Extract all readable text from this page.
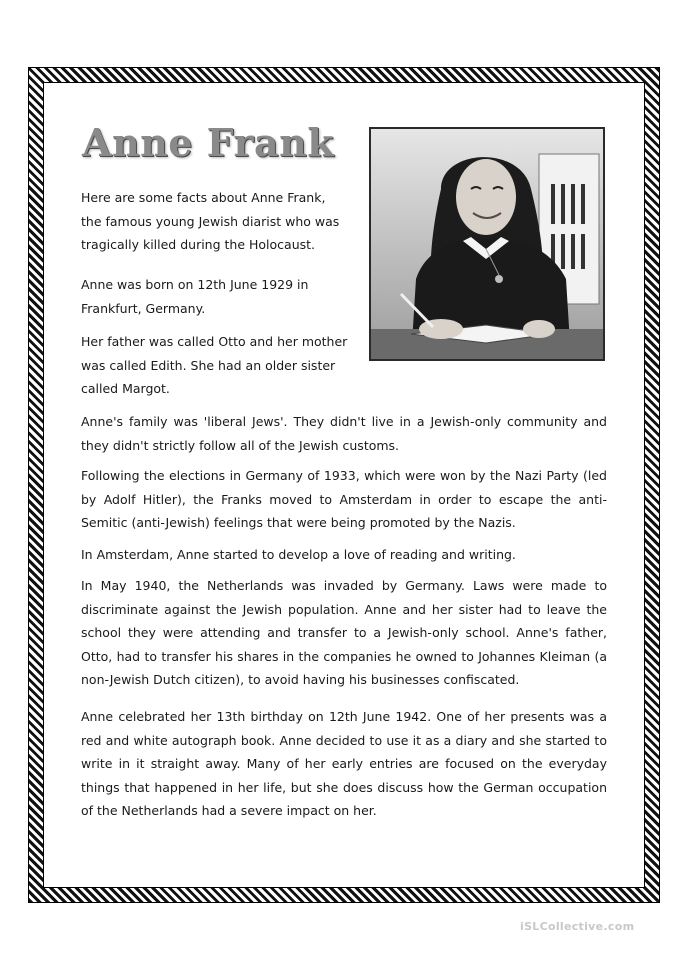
Anne Frank

Here are some facts about Anne Frank, the famous young Jewish diarist who was tragically killed during the Holocaust.

Anne was born on 12th June 1929 in Frankfurt, Germany.

Her father was called Otto and her mother was called Edith. She had an older sister called Margot.

Anne's family was 'liberal Jews'. They didn't live in a Jewish-only community and they didn't strictly follow all of the Jewish customs.

Following the elections in Germany of 1933, which were won by the Nazi Party (led by Adolf Hitler), the Franks moved to Amsterdam in order to escape the anti-Semitic (anti-Jewish) feelings that were being promoted by the Nazis.

In Amsterdam, Anne started to develop a love of reading and writing.

In May 1940, the Netherlands was invaded by Germany. Laws were made to discriminate against the Jewish population. Anne and her sister had to leave the school they were attending and transfer to a Jewish-only school. Anne's father, Otto, had to transfer his shares in the companies he owned to Johannes Kleiman (a non-Jewish Dutch citizen), to avoid having his businesses confiscated.

Anne celebrated her 13th birthday on 12th June 1942. One of her presents was a red and white autograph book. Anne decided to use it as a diary and she started to write in it straight away. Many of her early entries are focused on the everyday things that happened in her life, but she does discuss how the German occupation of the Netherlands had a severe impact on her.

iSLCollective.com
